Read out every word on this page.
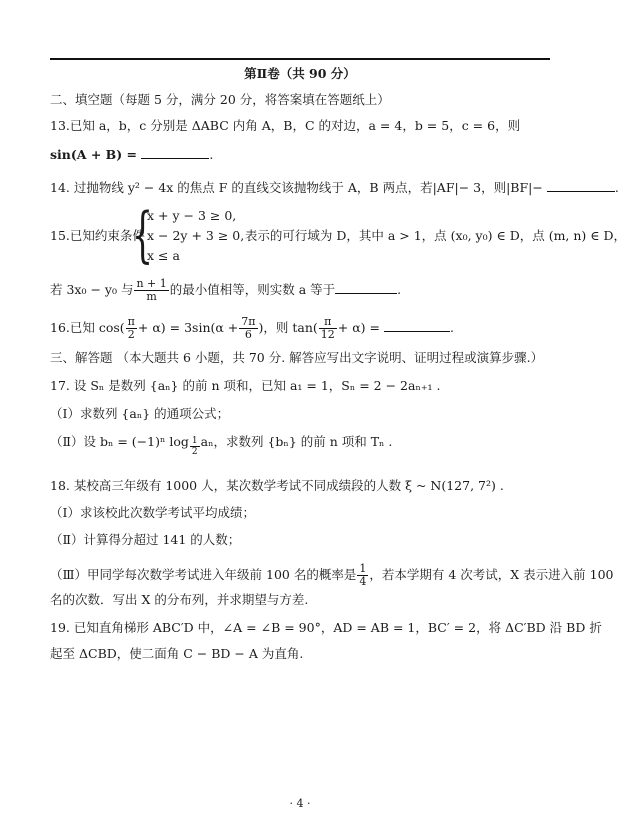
第Ⅱ卷（共 90 分）
二、填空题（每题 5 分，满分 20 分，将答案填在答题纸上）
13.已知 a，b，c 分别是 ΔABC 内角 A，B，C 的对边，a = 4，b = 5，c = 6，则
sin(A + B) =	.
14. 过抛物线 y² − 4x 的焦点 F 的直线交该抛物线于 A，B 两点，若|AF|− 3，则|BF|−	.
15.已知约束条件	表示的可行域为 D，其中 a > 1，点 (x₀, y₀) ∈ D，点 (m, n) ∈ D，
{
x + y − 3 ≥ 0,
x − 2y + 3 ≥ 0,
x ≤ a
若 3x₀ − y₀ 与 $\frac{n + 1}{m}$ 的最小值相等，则实数 a 等于	.
16.已知 $\cos( \frac{\pi}{2} + \alpha) = 3\sin(\alpha + \frac{7\pi}{6}$ )，则 $\tan( \frac{\pi}{12} + \alpha)$ =	.
三、解答题 （本大题共 6 小题，共 70 分. 解答应写出文字说明、证明过程或演算步骤.）
17. 设 Sₙ 是数列 {aₙ} 的前 n 项和，已知 a₁ = 1，Sₙ = 2 − 2aₙ₊₁ .
（Ⅰ）求数列 {aₙ} 的通项公式；
（Ⅱ）设 bₙ = (−1)ⁿ $\log \frac{1}{2}$ aₙ，求数列 {bₙ} 的前 n 项和 Tₙ .
18. 某校高三年级有 1000 人，某次数学考试不同成绩段的人数 ξ ~ N(127, 7²) .
（Ⅰ）求该校此次数学考试平均成绩；
（Ⅱ）计算得分超过 141 的人数；
（Ⅲ）甲同学每次数学考试进入年级前 100 名的概率是 $\frac{1}{4}$ ，若本学期有 4 次考试，X 表示进入前 100
名的次数．写出 X 的分布列，并求期望与方差.
19. 已知直角梯形 ABC′D 中，∠A = ∠B = 90°，AD = AB = 1，BC′ = 2，将 ΔC′BD 沿 BD 折
起至 ΔCBD，使二面角 C − BD − A 为直角.
· 4 ·
